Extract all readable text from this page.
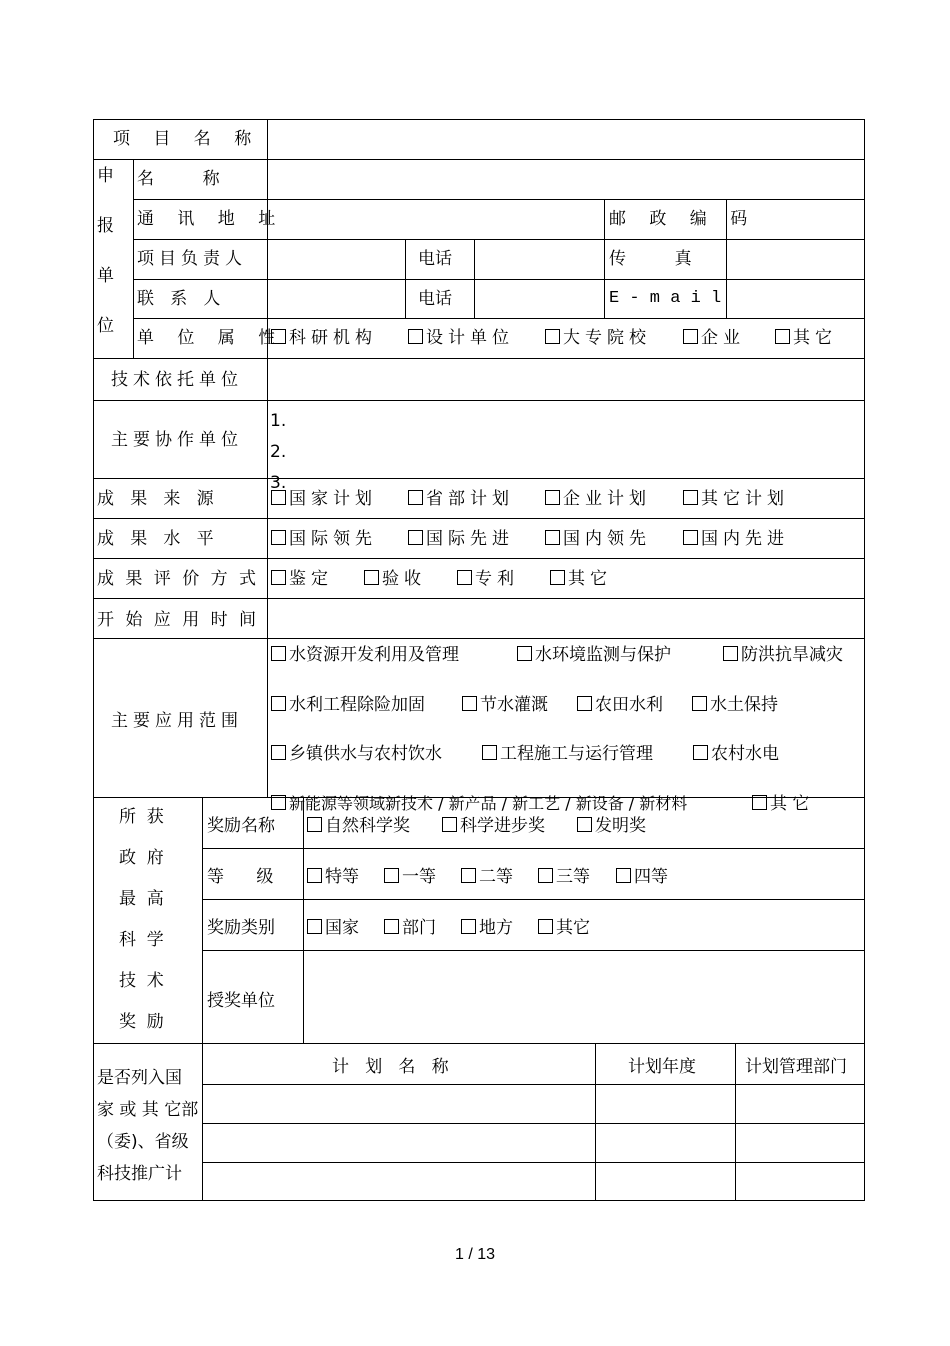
项 目 名 称
申
报
单
位
名         称
通 讯 地 址	邮 政 编 码
项目负责人	电话	传         真
联   系   人	电话	E - m a i l
单 位 属 性 科研机构	设计单位	大专院校	企业	其它
技术依托单位
主要协作单位
1.
2.
3.
成   果   来   源	国家计划	省部计划	企业计划	其它计划
成   果   水   平	国际领先	国际先进	国内领先	国内先进
成 果 评 价 方 式	鉴定	验收	专利	其它
开 始 应 用 时 间
主要应用范围
水资源开发利用及管理	水环境监测与保护	防洪抗旱减灾
水利工程除险加固	节水灌溉	农田水利	水土保持
乡镇供水与农村饮水	工程施工与运行管理	农村水电
新能源等领域新技术 / 新产品 / 新工艺 / 新设备 / 新材料	其 它
所  获
政  府
最  高
科  学
技  术
奖  励
奖励名称	自然科学奖	科学进步奖	发明奖
等      级	特等	一等	二等	三等	四等
奖励类别	国家	部门	地方	其它
授奖单位
是否列入国
家 或 其 它部
（委)、省级
科技推广计
计   划   名   称	计划年度	计划管理部门
1 / 13
